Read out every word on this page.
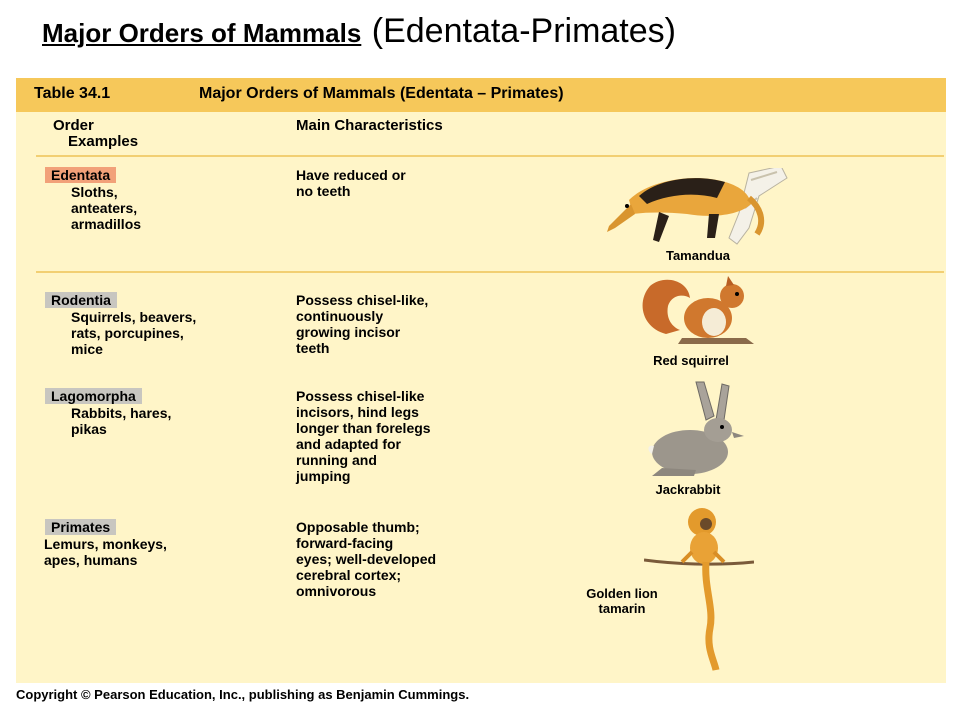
Major Orders of Mammals (Edentata-Primates)
Table 34.1	Major Orders of Mammals (Edentata – Primates)
Order
Examples
Main Characteristics
Edentata
Sloths,
anteaters,
armadillos
Have reduced or
no teeth
Tamandua
Rodentia
Squirrels, beavers,
rats, porcupines,
mice
Possess chisel-like,
continuously
growing incisor
teeth
Red squirrel
Lagomorpha
Rabbits, hares,
pikas
Possess chisel-like
incisors, hind legs
longer than forelegs
and adapted for
running and
jumping
Jackrabbit
Primates
Lemurs, monkeys,
apes, humans
Opposable thumb;
forward-facing
eyes; well-developed
cerebral cortex;
omnivorous	Golden lion
tamarin
Copyright © Pearson Education, Inc., publishing as Benjamin Cummings.
